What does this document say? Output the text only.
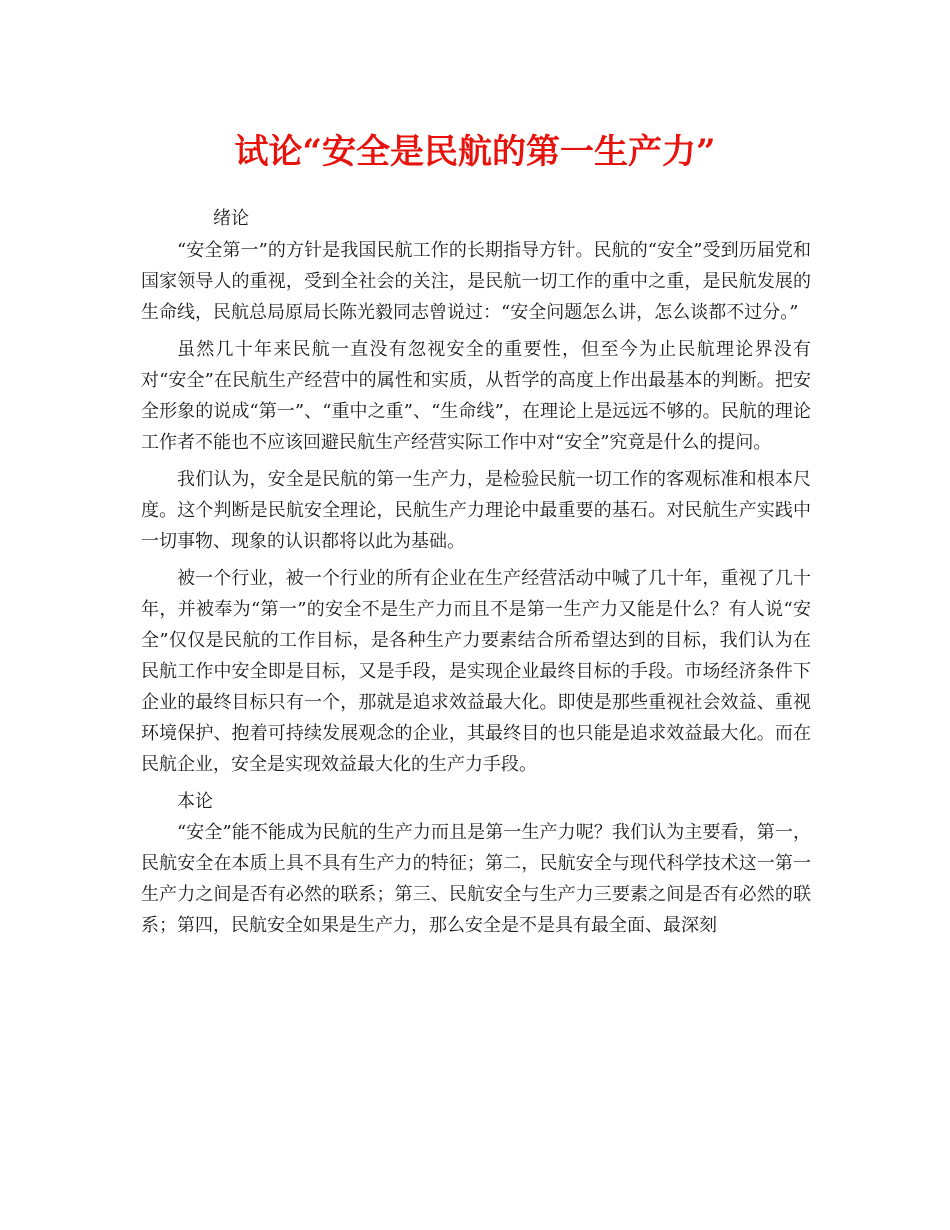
试论“安全是民航的第一生产力”

绪论

“安全第一”的方针是我国民航工作的长期指导方针。民航的“安全”受到历届党和国家领导人的重视，受到全社会的关注，是民航一切工作的重中之重，是民航发展的生命线，民航总局原局长陈光毅同志曾说过：“安全问题怎么讲，怎么谈都不过分。”

虽然几十年来民航一直没有忽视安全的重要性，但至今为止民航理论界没有对“安全”在民航生产经营中的属性和实质，从哲学的高度上作出最基本的判断。把安全形象的说成“第一”、“重中之重”、“生命线”，在理论上是远远不够的。民航的理论工作者不能也不应该回避民航生产经营实际工作中对“安全”究竟是什么的提问。

我们认为，安全是民航的第一生产力，是检验民航一切工作的客观标准和根本尺度。这个判断是民航安全理论，民航生产力理论中最重要的基石。对民航生产实践中一切事物、现象的认识都将以此为基础。

被一个行业，被一个行业的所有企业在生产经营活动中喊了几十年，重视了几十年，并被奉为“第一”的安全不是生产力而且不是第一生产力又能是什么？有人说“安全”仅仅是民航的工作目标，是各种生产力要素结合所希望达到的目标，我们认为在民航工作中安全即是目标，又是手段，是实现企业最终目标的手段。市场经济条件下企业的最终目标只有一个，那就是追求效益最大化。即使是那些重视社会效益、重视环境保护、抱着可持续发展观念的企业，其最终目的也只能是追求效益最大化。而在民航企业，安全是实现效益最大化的生产力手段。

本论

“安全”能不能成为民航的生产力而且是第一生产力呢？我们认为主要看，第一，民航安全在本质上具不具有生产力的特征；第二，民航安全与现代科学技术这一第一生产力之间是否有必然的联系；第三、民航安全与生产力三要素之间是否有必然的联系；第四，民航安全如果是生产力，那么安全是不是具有最全面、最深刻
